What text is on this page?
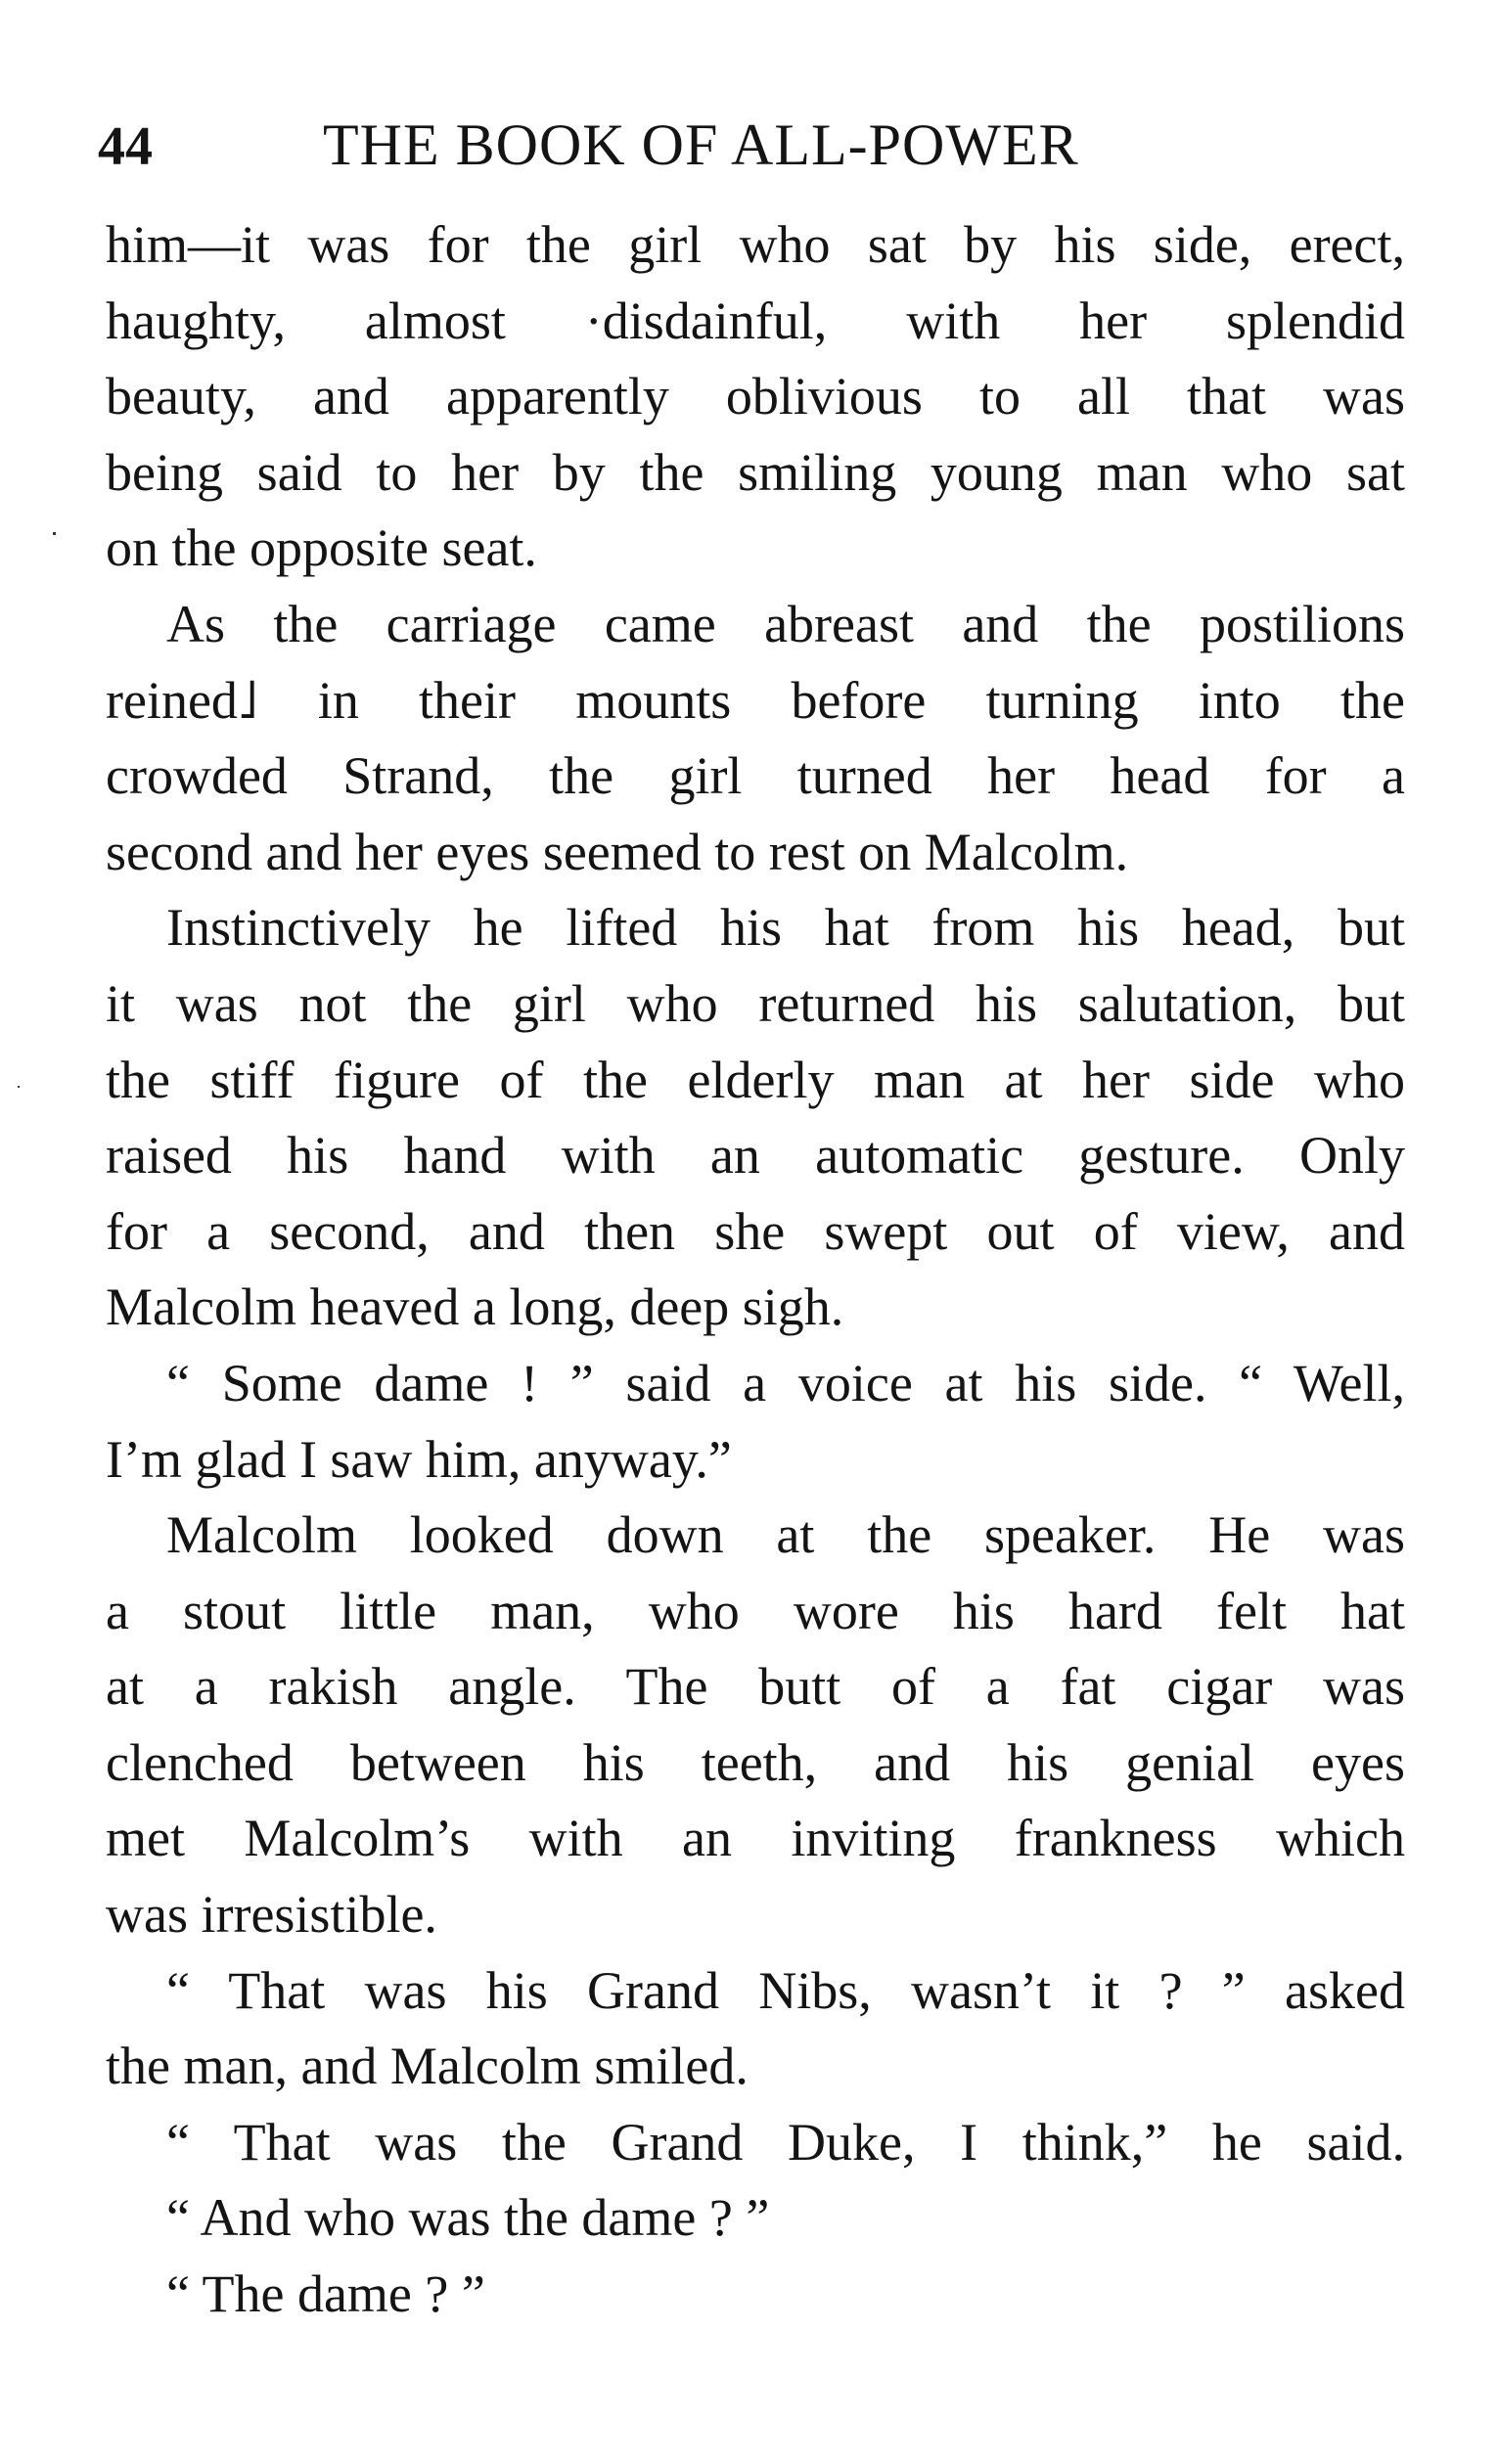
44	THE BOOK OF ALL-POWER
him—it was for the girl who sat by his side, erect,
haughty, almost ·disdainful, with her splendid
beauty, and apparently oblivious to all that was
being said to her by the smiling young man who sat
on the opposite seat.
As the carriage came abreast and the postilions
reined˩ in their mounts before turning into the
crowded Strand, the girl turned her head for a
second and her eyes seemed to rest on Malcolm.
Instinctively he lifted his hat from his head, but
it was not the girl who returned his salutation, but
the stiff figure of the elderly man at her side who
raised his hand with an automatic gesture. Only
for a second, and then she swept out of view, and
Malcolm heaved a long, deep sigh.
“ Some dame ! ” said a voice at his side. “ Well,
I’m glad I saw him, anyway.”
Malcolm looked down at the speaker. He was
a stout little man, who wore his hard felt hat
at a rakish angle. The butt of a fat cigar was
clenched between his teeth, and his genial eyes
met Malcolm’s with an inviting frankness which
was irresistible.
“ That was his Grand Nibs, wasn’t it ? ” asked
the man, and Malcolm smiled.
“ That was the Grand Duke, I think,” he said.
“ And who was the dame ? ”
“ The dame ? ”
